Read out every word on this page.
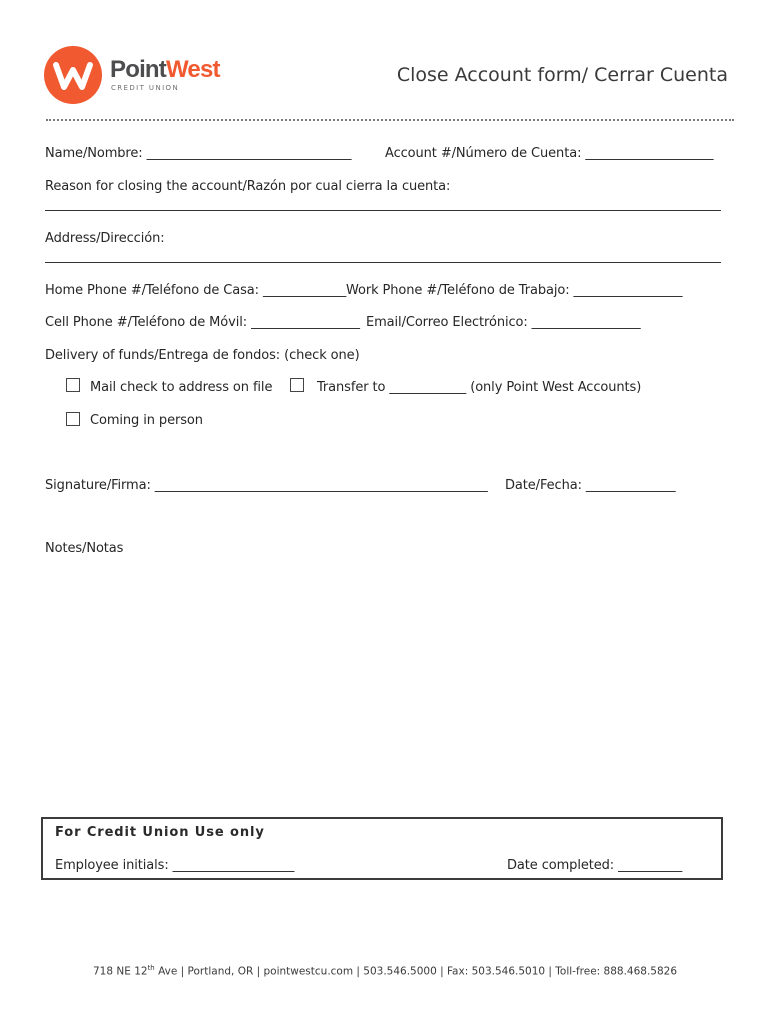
PointWest
CREDIT UNION
Close Account form/ Cerrar Cuenta
Name/Nombre: ________________________________	Account #/Número de Cuenta: ____________________
Reason for closing the account/Razón por cual cierra la cuenta:
Address/Dirección:
Home Phone #/Teléfono de Casa: _____________ Work Phone #/Teléfono de Trabajo: _________________
Cell Phone #/Teléfono de Móvil: _________________ Email/Correo Electrónico: _________________
Delivery of funds/Entrega de fondos: (check one)
Mail check to address on file	Transfer to ____________ (only Point West Accounts)
Coming in person
Signature/Firma: ____________________________________________________ Date/Fecha: ______________
Notes/Notas
For Credit Union Use only
Employee initials: ___________________	Date completed: __________
718 NE 12th Ave | Portland, OR | pointwestcu.com | 503.546.5000 | Fax: 503.546.5010 | Toll-free: 888.468.5826
